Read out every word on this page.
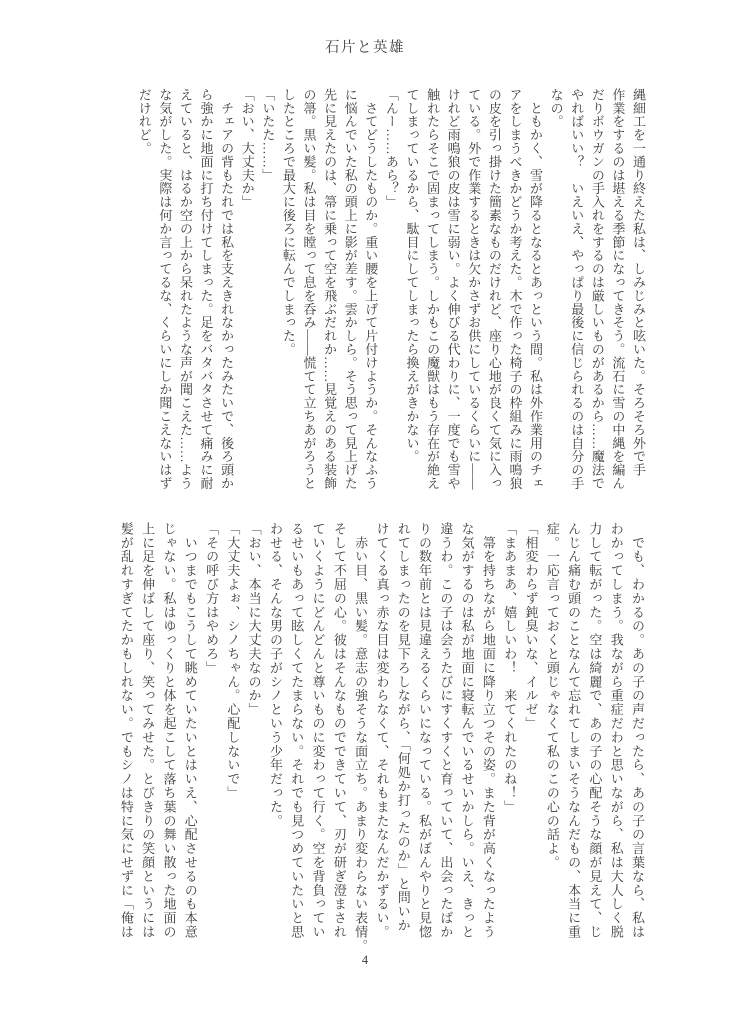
石片と英雄
縄細工を一通り終えた私は、しみじみと呟いた。そろそろ外で手
作業をするのは堪える季節になってきそう。流石に雪の中縄を編ん
だりボウガンの手入れをするのは厳しいものがあるから……魔法で
やればいい？　いえいえ、やっぱり最後に信じられるのは自分の手
なの。
　ともかく、雪が降るとなるとあっという間。私は外作業用のチェ
アをしまうべきかどうか考えた。木で作った椅子の枠組みに雨鳴狼
の皮を引っ掛けた簡素なものだけれど、座り心地が良くて気に入っ
ている。外で作業するときは欠かさずお供にしているくらいに――
けれど雨鳴狼の皮は雪に弱い。よく伸びる代わりに、一度でも雪や
触れたらそこで固まってしまう。しかもこの魔獣はもう存在が絶え
てしまっているから、駄目にしてしまったら換えがきかない。
「んー……あら？」
　さてどうしたものか。重い腰を上げて片付けようか。そんなふう
に悩んでいた私の頭上に影が差す。雲かしら。そう思って見上げた
先に見えたのは、箒に乗って空を飛ぶだれか……見覚えのある装飾
の箒。黒い髪。私は目を瞠って息を呑み――慌てて立ちあがろうと
したところで最大に後ろに転んでしまった。
「いたた……」
「おい、大丈夫か」
　チェアの背もたれでは私を支えきれなかったみたいで、後ろ頭か
ら強かに地面に打ち付けてしまった。足をバタバタさせて痛みに耐
えていると、はるか空の上から呆れたような声が聞こえた……よう
な気がした。実際は何か言ってるな、くらいにしか聞こえないはず
だけれど。
　でも、わかるの。あの子の声だったら、あの子の言葉なら、私は
わかってしまう。我ながら重症だわと思いながら、私は大人しく脱
力して転がった。空は綺麗で、あの子の心配そうな顔が見えて、じ
んじん痛む頭のことなんて忘れてしまいそうなんだもの、本当に重
症。一応言っておくと頭じゃなくて私のこの心の話よ。
「相変わらず鈍臭いな、イルゼ」
「まあまあ、嬉しいわ！　来てくれたのね！」
　箒を持ちながら地面に降り立つその姿。また背が高くなったよう
な気がするのは私が地面に寝転んでいるせいかしら。いえ、きっと
違うわ。この子は会うたびにすくすくと育っていて、出会ったばか
りの数年前とは見違えるくらいになっている。私がぼんやりと見惚
れてしまったのを見下ろしながら、「何処か打ったのか」と問いか
けてくる真っ赤な目は変わらなくて、それもまたなんだかずるい。
　赤い目、黒い髪。意志の強そうな面立ち。あまり変わらない表情。
そして不屈の心。彼はそんなものでできていて、刃が研ぎ澄まされ
ていくようにどんどんと尊いものに変わって行く。空を背負ってい
るせいもあって眩しくてたまらない。それでも見つめていたいと思
わせる、そんな男の子がシノという少年だった。
「おい、本当に大丈夫なのか」
「大丈夫よぉ、シノちゃん。心配しないで」
「その呼び方はやめろ」
　いつまでもこうして眺めていたいとはいえ、心配させるのも本意
じゃない。私はゆっくりと体を起こして落ち葉の舞い散った地面の
上に足を伸ばして座り、笑ってみせた。とびきりの笑顔というには
髪が乱れすぎてたかもしれない。でもシノは特に気にせずに「俺は
4
